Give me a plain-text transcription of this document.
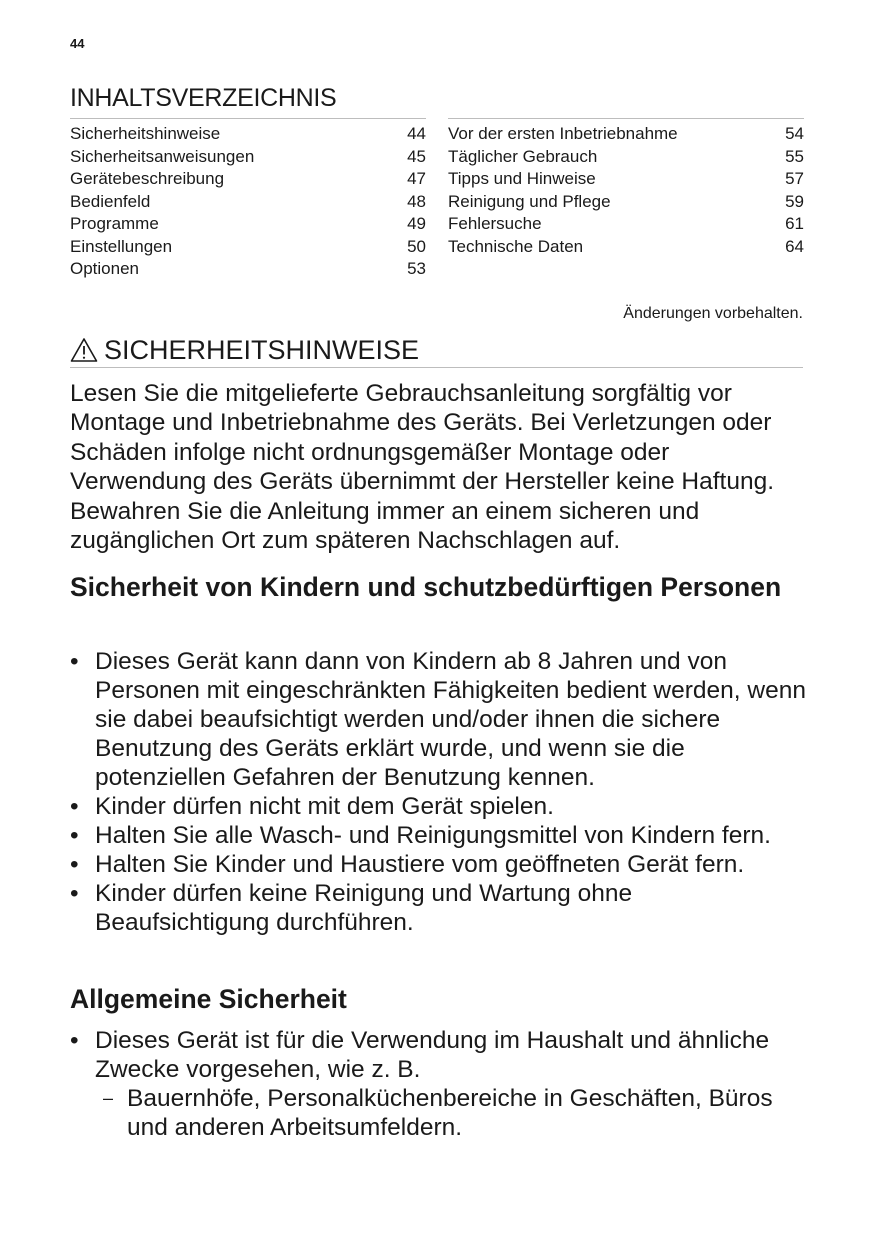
44
INHALTSVERZEICHNIS
Sicherheitshinweise	44
Sicherheitsanweisungen	45
Gerätebeschreibung	47
Bedienfeld	48
Programme	49
Einstellungen	50
Optionen	53
Vor der ersten Inbetriebnahme	54
Täglicher Gebrauch	55
Tipps und Hinweise	57
Reinigung und Pflege	59
Fehlersuche	61
Technische Daten	64
Änderungen vorbehalten.
SICHERHEITSHINWEISE

Lesen Sie die mitgelieferte Gebrauchsanleitung sorgfältig vor Montage und Inbetriebnahme des Geräts. Bei Verletzungen oder Schäden infolge nicht ordnungsgemäßer Montage oder Verwendung des Geräts übernimmt der Hersteller keine Haftung. Bewahren Sie die Anleitung immer an einem sicheren und zugänglichen Ort zum späteren Nachschlagen auf.

Sicherheit von Kindern und schutzbedürftigen Personen
• Dieses Gerät kann dann von Kindern ab 8 Jahren und von Personen mit eingeschränkten Fähigkeiten bedient werden, wenn sie dabei beaufsichtigt werden und/oder ihnen die sichere Benutzung des Geräts erklärt wurde, und wenn sie die potenziellen Gefahren der Benutzung kennen.
• Kinder dürfen nicht mit dem Gerät spielen.
• Halten Sie alle Wasch- und Reinigungsmittel von Kindern fern.
• Halten Sie Kinder und Haustiere vom geöffneten Gerät fern.
• Kinder dürfen keine Reinigung und Wartung ohne Beaufsichtigung durchführen.
Allgemeine Sicherheit
• Dieses Gerät ist für die Verwendung im Haushalt und ähnliche Zwecke vorgesehen, wie z. B.
– Bauernhöfe, Personalküchenbereiche in Geschäften, Büros und anderen Arbeitsumfeldern.
